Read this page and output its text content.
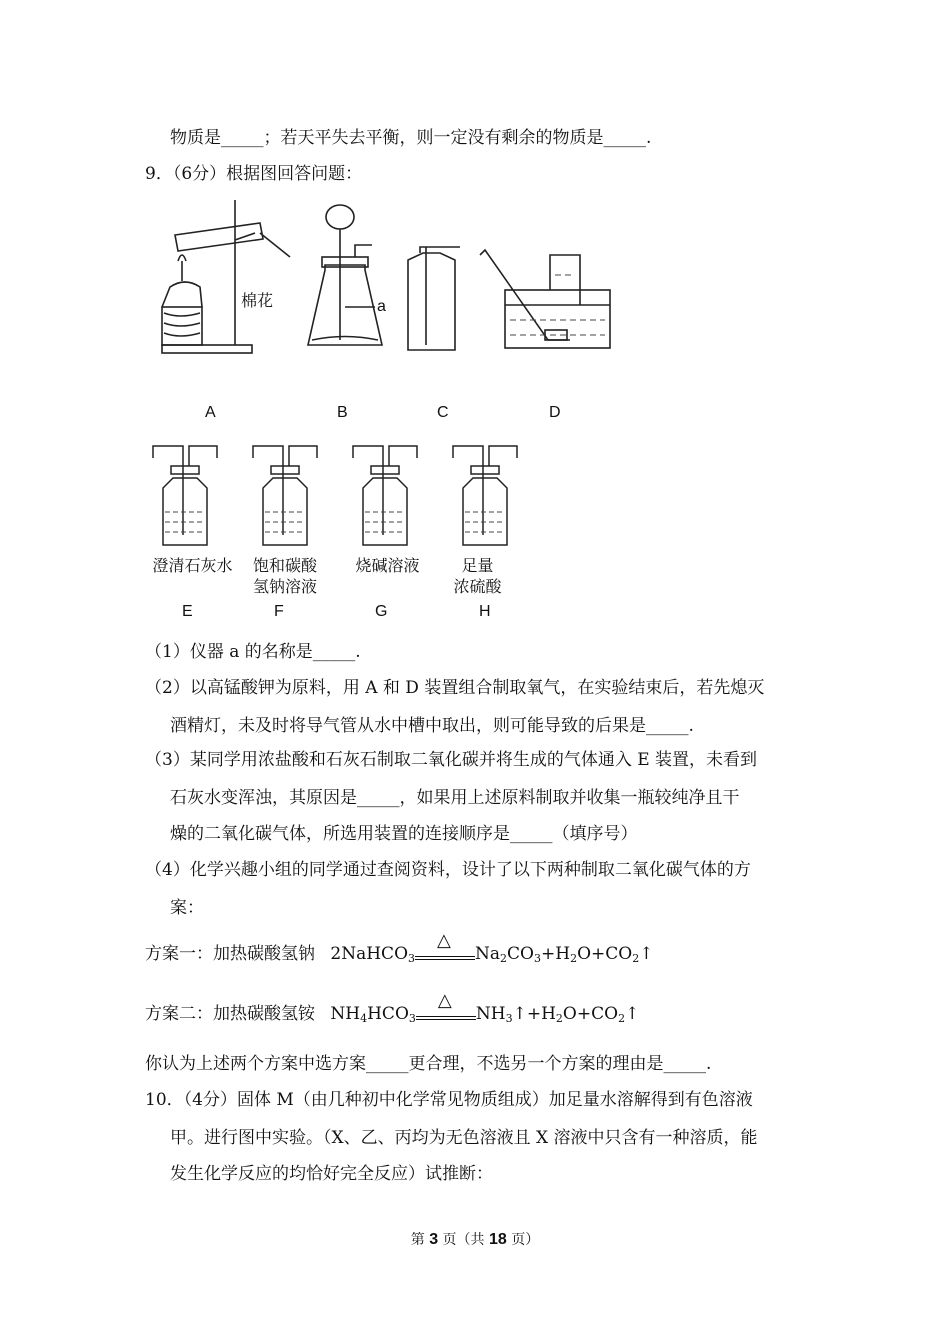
物质是_____；若天平失去平衡，则一定没有剩余的物质是_____.
9．（6分）根据图回答问题：
棉花	a
A	B	C	D
澄清石灰水	饱和碳酸
氢钠溶液
烧碱溶液	足量
浓硫酸
E	F	G	H
（1）仪器 a 的名称是_____.
（2）以高锰酸钾为原料，用 A 和 D 装置组合制取氧气，在实验结束后，若先熄灭
酒精灯，未及时将导气管从水中槽中取出，则可能导致的后果是_____.
（3）某同学用浓盐酸和石灰石制取二氧化碳并将生成的气体通入 E 装置，未看到
石灰水变浑浊，其原因是_____，如果用上述原料制取并收集一瓶较纯净且干
燥的二氧化碳气体，所选用装置的连接顺序是_____（填序号）
（4）化学兴趣小组的同学通过查阅资料，设计了以下两种制取二氧化碳气体的方
案：
方案一：加热碳酸氢钠 2NaHCO$_3$
△
$Na_2CO_3+H_2O+CO_2↑$
方案二：加热碳酸氢铵 $NH_4HCO_3$
△
$NH_3↑+H_2O+CO_2↑$
你认为上述两个方案中选方案_____更合理，不选另一个方案的理由是_____.
10．（4分）固体 M（由几种初中化学常见物质组成）加足量水溶解得到有色溶液
甲。进行图中实验。（X、乙、丙均为无色溶液且 X 溶液中只含有一种溶质，能
发生化学反应的均恰好完全反应）试推断：
第 3 页（共 18 页）
